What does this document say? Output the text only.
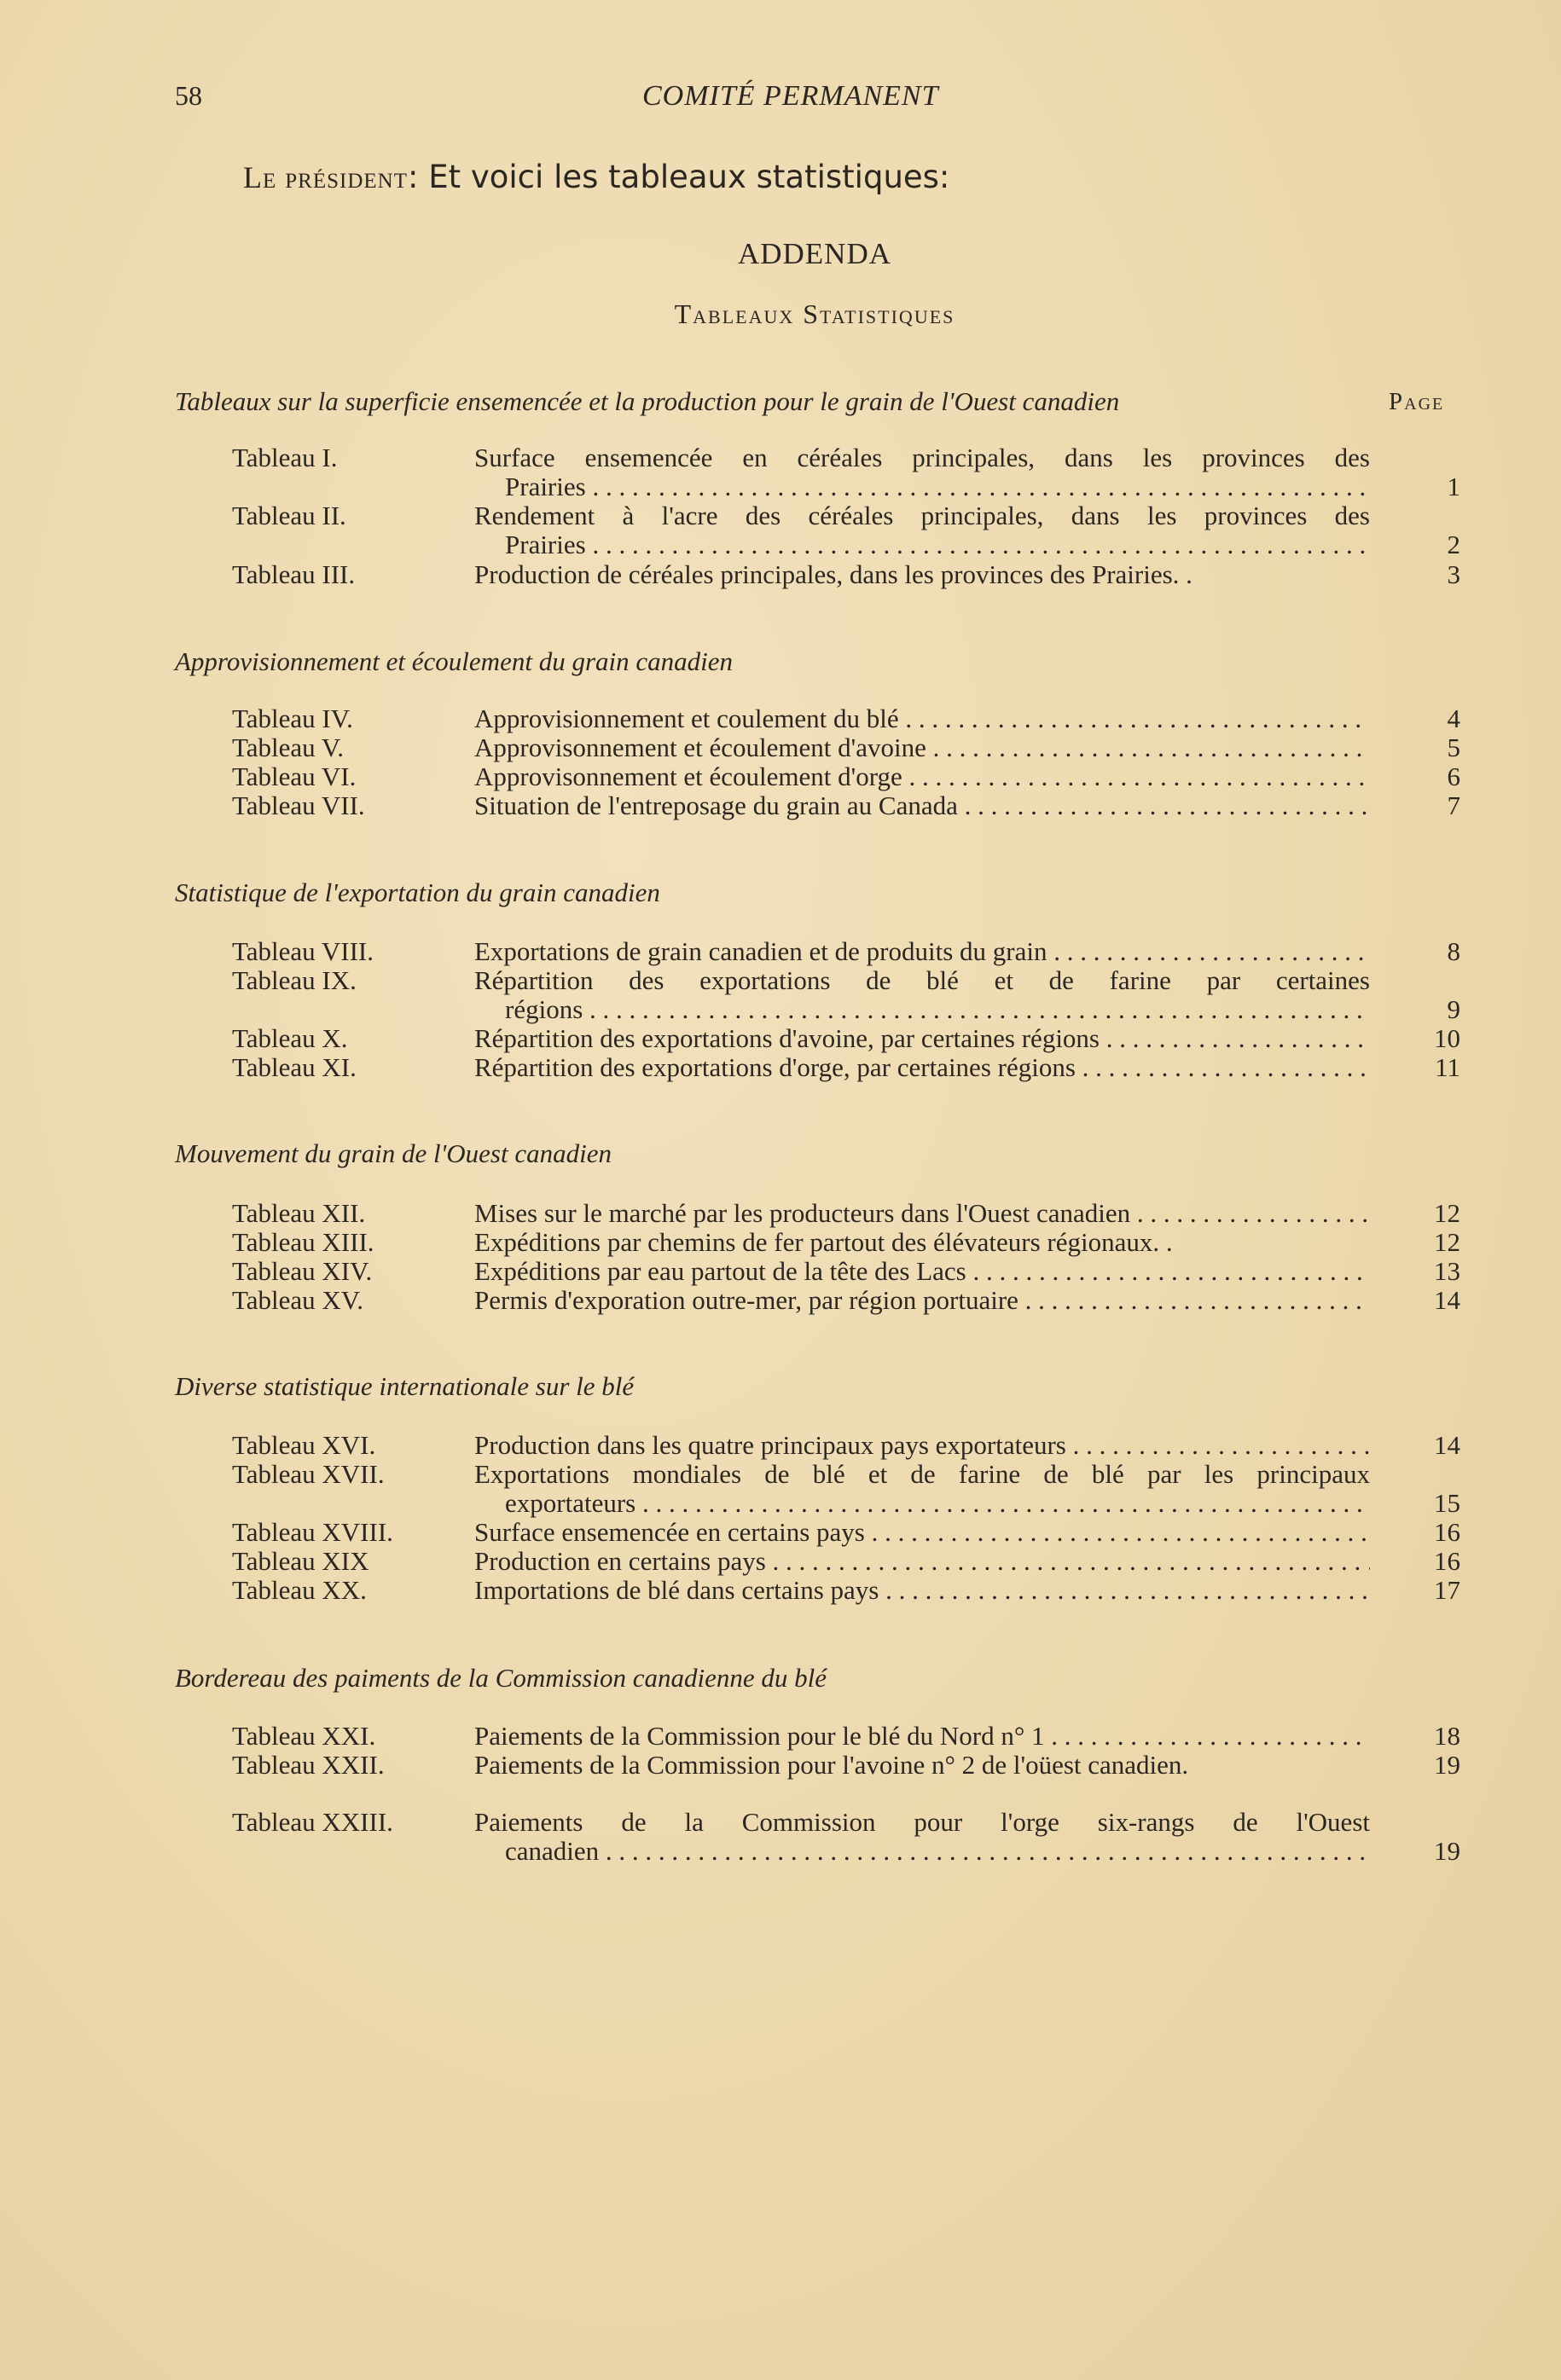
58	COMITÉ PERMANENT
Le président: Et voici les tableaux statistiques:
ADDENDA
Tableaux Statistiques
Page
Tableaux sur la superficie ensemencée et la production pour le grain de l'Ouest canadien
Tableau I.	Surface ensemencée en céréales principales, dans les provinces des
Prairies . . .	1
Tableau II.	Rendement à l'acre des céréales principales, dans les provinces des
Prairies . . .	2
Tableau III.	Production de céréales principales, dans les provinces des Prairies. .	3
Approvisionnement et écoulement du grain canadien
Tableau IV.	Approvisionnement et coulement du blé . . .	4
Tableau V.	Approvisonnement et écoulement d'avoine . . .	5
Tableau VI.	Approvisonnement et écoulement d'orge . . .	6
Tableau VII.	Situation de l'entreposage du grain au Canada . . .	7
Statistique de l'exportation du grain canadien
Tableau VIII.	Exportations de grain canadien et de produits du grain . . .	8
Tableau IX.	Répartition des exportations de blé et de farine par certaines
régions . . .	9
Tableau X.	Répartition des exportations d'avoine, par certaines régions . . .	10
Tableau XI.	Répartition des exportations d'orge, par certaines régions . . .	11
Mouvement du grain de l'Ouest canadien
Tableau XII.	Mises sur le marché par les producteurs dans l'Ouest canadien . . .	12
Tableau XIII.	Expéditions par chemins de fer partout des élévateurs régionaux. .	12
Tableau XIV.	Expéditions par eau partout de la tête des Lacs . . .	13
Tableau XV.	Permis d'exporation outre-mer, par région portuaire . . .	14
Diverse statistique internationale sur le blé
Tableau XVI.	Production dans les quatre principaux pays exportateurs . . .	14
Tableau XVII.	Exportations mondiales de blé et de farine de blé par les principaux
exportateurs . . .	15
Tableau XVIII.	Surface ensemencée en certains pays . . .	16
Tableau XIX	Production en certains pays . . .	16
Tableau XX.	Importations de blé dans certains pays . . .	17
Bordereau des paiments de la Commission canadienne du blé
Tableau XXI.	Paiements de la Commission pour le blé du Nord n° 1 . . .	18
Tableau XXII.	Paiements de la Commission pour l'avoine n° 2 de l'oüest canadien.	19
Tableau XXIII.	Paiements de la Commission pour l'orge six-rangs de l'Ouest
canadien . . .	19
